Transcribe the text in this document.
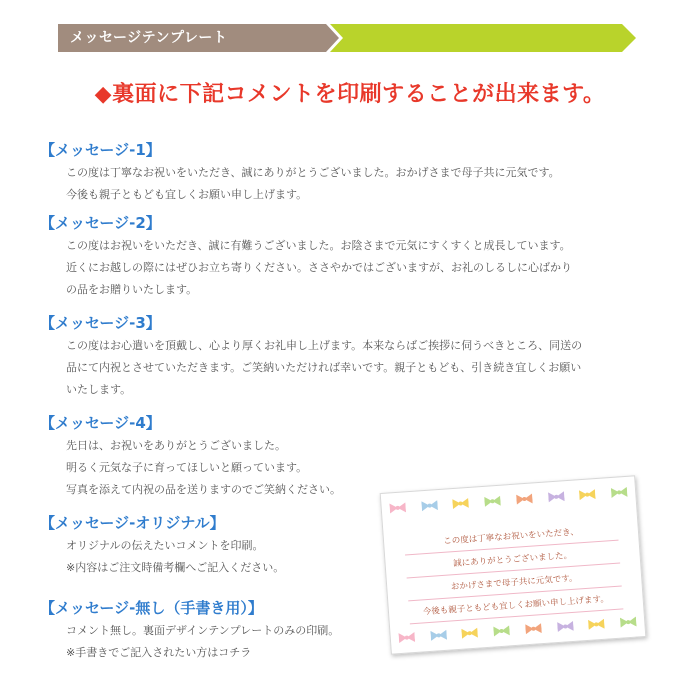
メッセージテンプレート
◆裏面に下記コメントを印刷することが出来ます。
【メッセージ-1】
この度は丁寧なお祝いをいただき、誠にありがとうございました。おかげさまで母子共に元気です。
今後も親子ともども宜しくお願い申し上げます。
【メッセージ-2】
この度はお祝いをいただき、誠に有難うございました。お陰さまで元気にすくすくと成長しています。
近くにお越しの際にはぜひお立ち寄りください。ささやかではございますが、お礼のしるしに心ばかり
の品をお贈りいたします。
【メッセージ-3】
この度はお心遣いを頂戴し、心より厚くお礼申し上げます。本来ならばご挨拶に伺うべきところ、同送の
品にて内祝とさせていただきます。ご笑納いただければ幸いです。親子ともども、引き続き宜しくお願い
いたします。
【メッセージ-4】
先日は、お祝いをありがとうございました。
明るく元気な子に育ってほしいと願っています。
写真を添えて内祝の品を送りますのでご笑納ください。
【メッセージ-オリジナル】
オリジナルの伝えたいコメントを印刷。
※内容はご注文時備考欄へご記入ください。
【メッセージ-無し（手書き用）】
コメント無し。裏面デザインテンプレートのみの印刷。
※手書きでご記入されたい方はコチラ
この度は丁寧なお祝いをいただき、
誠にありがとうございました。
おかげさまで母子共に元気です。
今後も親子ともども宜しくお願い申し上げます。
